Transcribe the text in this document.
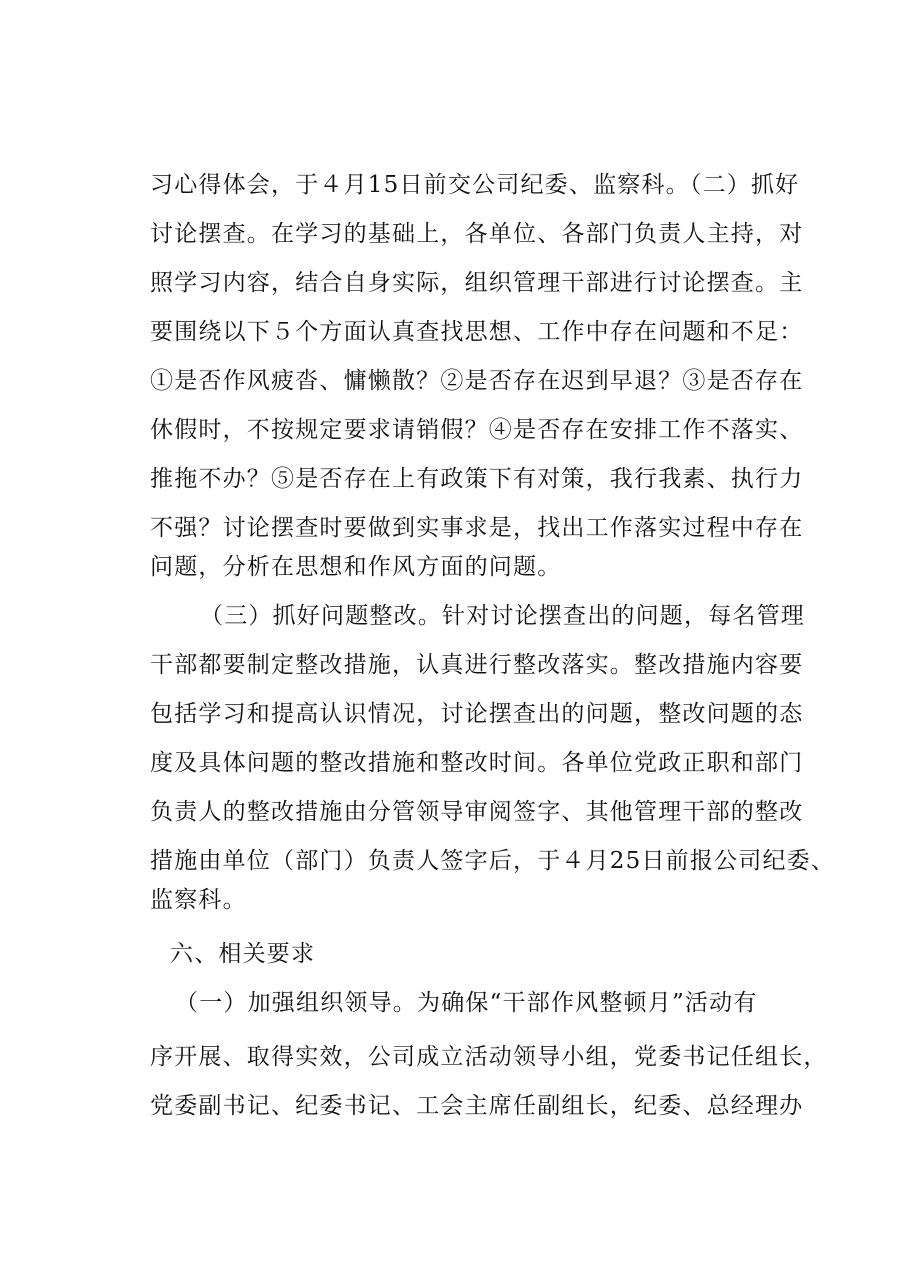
习心得体会，于４月15日前交公司纪委、监察科。（二）抓好
讨论摆查。在学习的基础上，各单位、各部门负责人主持，对
照学习内容，结合自身实际，组织管理干部进行讨论摆查。主
要围绕以下５个方面认真查找思想、工作中存在问题和不足：
①是否作风疲沓、慵懒散？②是否存在迟到早退？③是否存在
休假时，不按规定要求请销假？④是否存在安排工作不落实、
推拖不办？⑤是否存在上有政策下有对策，我行我素、执行力
不强？讨论摆查时要做到实事求是，找出工作落实过程中存在
问题，分析在思想和作风方面的问题。
（三）抓好问题整改。针对讨论摆查出的问题，每名管理
干部都要制定整改措施，认真进行整改落实。整改措施内容要
包括学习和提高认识情况，讨论摆查出的问题，整改问题的态
度及具体问题的整改措施和整改时间。各单位党政正职和部门
负责人的整改措施由分管领导审阅签字、其他管理干部的整改
措施由单位（部门）负责人签字后，于４月25日前报公司纪委、
监察科。
六、相关要求
（一）加强组织领导。为确保“干部作风整顿月”活动有
序开展、取得实效，公司成立活动领导小组，党委书记任组长，
党委副书记、纪委书记、工会主席任副组长，纪委、总经理办
